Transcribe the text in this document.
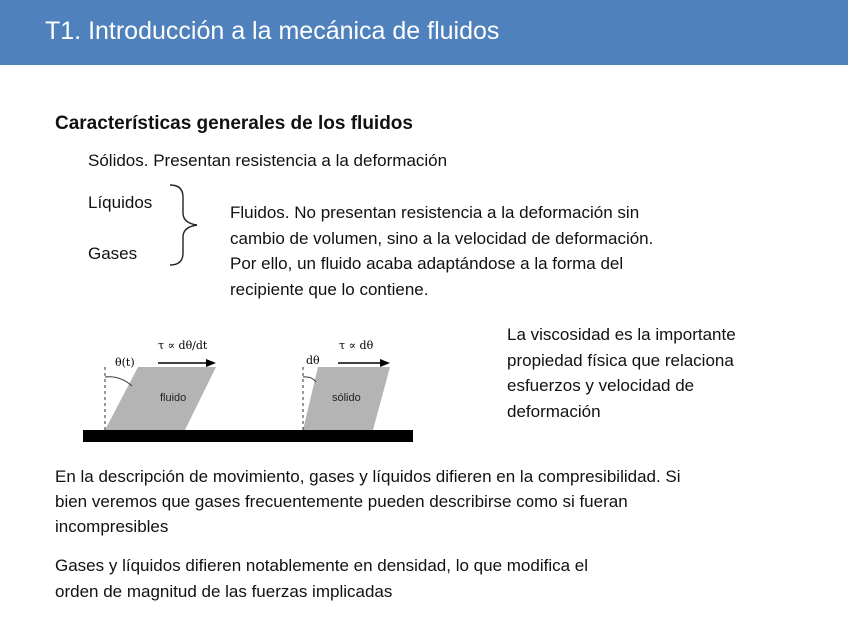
T1. Introducción a la mecánica de fluidos
Características generales de los fluidos
Sólidos. Presentan resistencia a la deformación
Líquidos
Gases
Fluidos. No presentan resistencia a la deformación sin
cambio de volumen, sino a la velocidad de deformación.
Por ello, un fluido acaba adaptándose a la forma del
recipiente que lo contiene.
fluido
τ ∝ dθ/dt
θ(t)
sólido
τ ∝ dθ
dθ
La viscosidad es la importante
propiedad física que relaciona
esfuerzos y velocidad de
deformación
En la descripción de movimiento, gases y líquidos difieren en la compresibilidad. Si
bien veremos que gases frecuentemente pueden describirse como si fueran
incompresibles
Gases y líquidos difieren notablemente en densidad, lo que modifica el
orden de magnitud de las fuerzas implicadas
